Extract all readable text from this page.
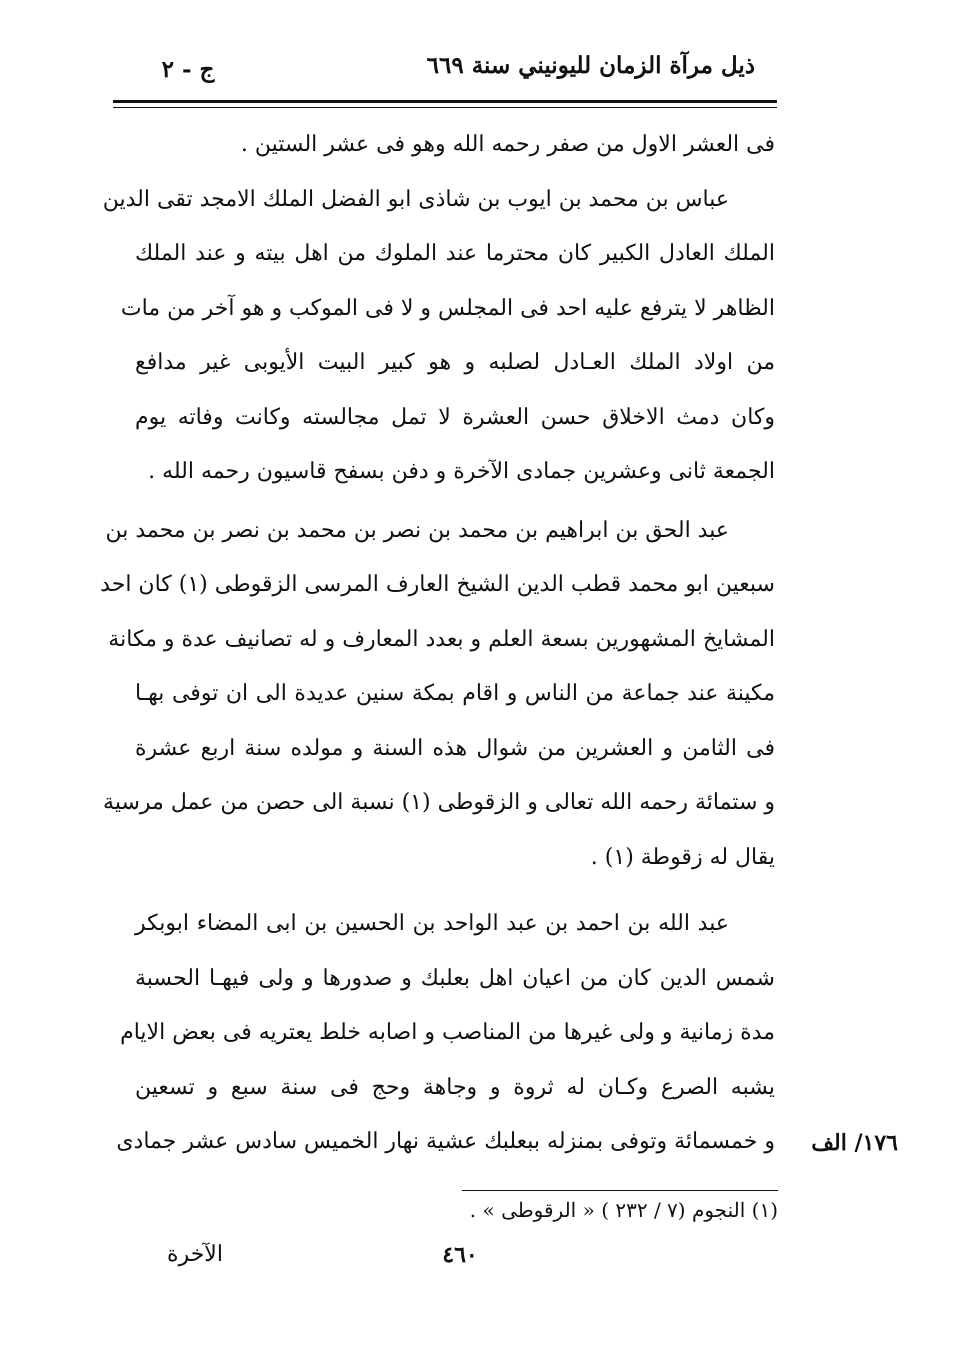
ذيل مرآة الزمان لليونيني سنة ٦٦٩
ج - ٢
فى العشر الاول من صفر رحمه الله وهو فى عشر الستين .
عباس بن محمد بن ايوب بن شاذى ابو الفضل الملك الامجد تقى الدين
الملك العادل الكبير كان محترما عند الملوك من اهل بيته و عند الملك
الظاهر لا يترفع عليه احد فى المجلس و لا فى الموكب و هو آخر من مات
من اولاد الملك العـادل لصلبه و هو كبير البيت الأيوبى غير مدافع
وكان دمث الاخلاق حسن العشرة لا تمل مجالسته وكانت وفاته يوم
الجمعة ثانى وعشرين جمادى الآخرة و دفن بسفح قاسيون رحمه الله .
عبد الحق بن ابراهيم بن محمد بن نصر بن محمد بن نصر بن محمد بن
سبعين ابو محمد قطب الدين الشيخ العارف المرسى الزقوطى (١) كان احد
المشايخ المشهورين بسعة العلم و بعدد المعارف و له تصانيف عدة و مكانة
مكينة عند جماعة من الناس و اقام بمكة سنين عديدة الى ان توفى بهـا
فى الثامن و العشرين من شوال هذه السنة و مولده سنة اربع عشرة
و ستمائة رحمه الله تعالى و الزقوطى (١) نسبة الى حصن من عمل مرسية
يقال له زقوطة (١) .
عبد الله بن احمد بن عبد الواحد بن الحسين بن ابى المضاء ابوبكر
شمس الدين كان من اعيان اهل بعلبك و صدورها و ولى فيهـا الحسبة
مدة زمانية و ولى غيرها من المناصب و اصابه خلط يعتريه فى بعض الايام
يشبه الصرع وكـان له ثروة و وجاهة وحج فى سنة سبع و تسعين
و خمسمائة وتوفى بمنزله ببعلبك عشية نهار الخميس سادس عشر جمادى	١٧٦/ الف
(١) النجوم (٧ / ٢٣٢ ) « الرقوطى » .
٤٦٠
الآخرة
